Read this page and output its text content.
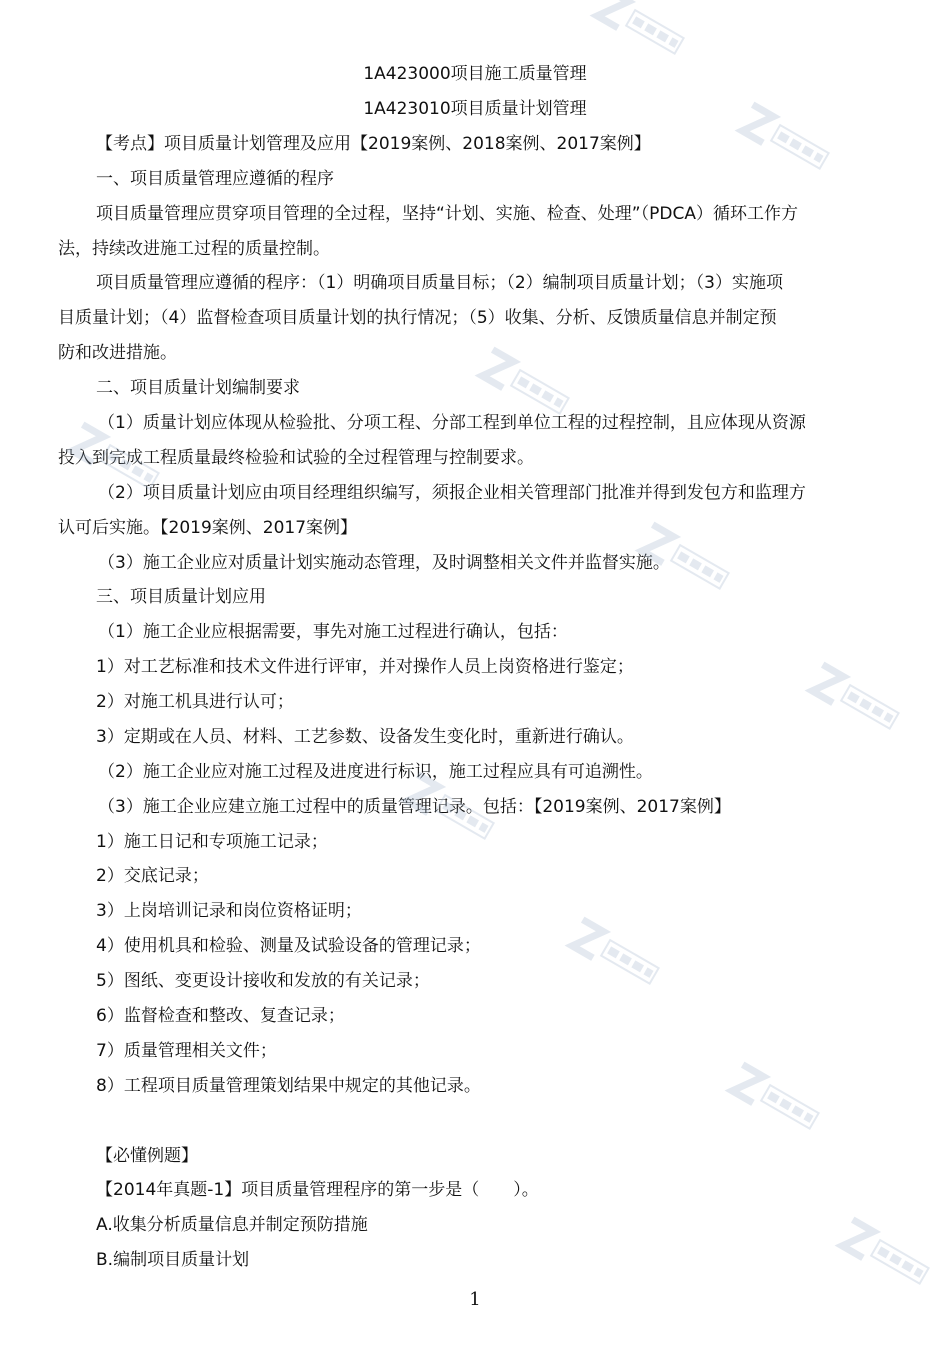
1A423000项目施工质量管理
1A423010项目质量计划管理
【考点】项目质量计划管理及应用【2019案例、2018案例、2017案例】
一、项目质量管理应遵循的程序
项目质量管理应贯穿项目管理的全过程，坚持“计划、实施、检查、处理”（PDCA）循环工作方
法，持续改进施工过程的质量控制。
项目质量管理应遵循的程序：（1）明确项目质量目标；（2）编制项目质量计划；（3）实施项
目质量计划；（4）监督检查项目质量计划的执行情况；（5）收集、分析、反馈质量信息并制定预
防和改进措施。
二、项目质量计划编制要求
（1）质量计划应体现从检验批、分项工程、分部工程到单位工程的过程控制，且应体现从资源
投入到完成工程质量最终检验和试验的全过程管理与控制要求。
（2）项目质量计划应由项目经理组织编写，须报企业相关管理部门批准并得到发包方和监理方
认可后实施。【2019案例、2017案例】
（3）施工企业应对质量计划实施动态管理，及时调整相关文件并监督实施。
三、项目质量计划应用
（1）施工企业应根据需要，事先对施工过程进行确认，包括：
1）对工艺标准和技术文件进行评审，并对操作人员上岗资格进行鉴定；
2）对施工机具进行认可；
3）定期或在人员、材料、工艺参数、设备发生变化时，重新进行确认。
（2）施工企业应对施工过程及进度进行标识，施工过程应具有可追溯性。
（3）施工企业应建立施工过程中的质量管理记录。包括：【2019案例、2017案例】
1）施工日记和专项施工记录；
2）交底记录；
3）上岗培训记录和岗位资格证明；
4）使用机具和检验、测量及试验设备的管理记录；
5）图纸、变更设计接收和发放的有关记录；
6）监督检查和整改、复查记录；
7）质量管理相关文件；
8）工程项目质量管理策划结果中规定的其他记录。
【必懂例题】
【2014年真题-1】项目质量管理程序的第一步是（　　）。
A.收集分析质量信息并制定预防措施
B.编制项目质量计划
1
